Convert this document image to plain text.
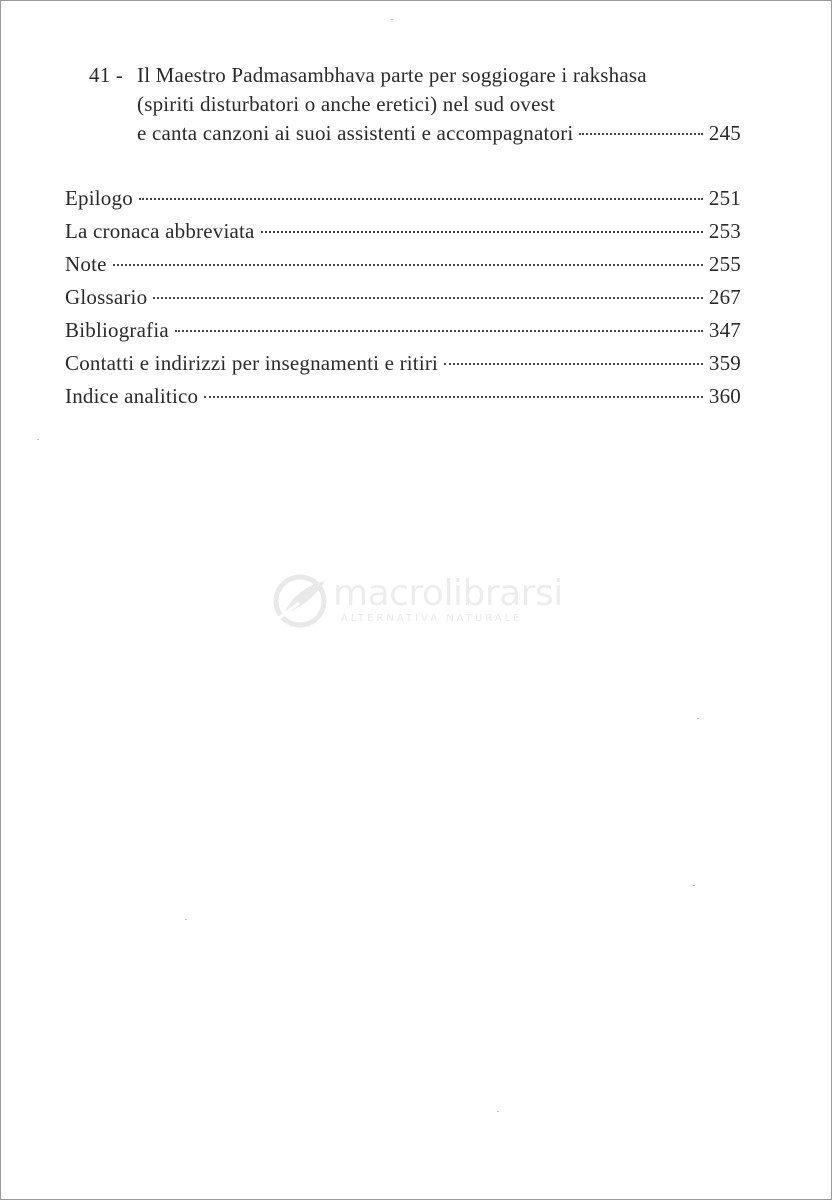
41 - Il Maestro Padmasambhava parte per soggiogare i rakshasa
(spiriti disturbatori o anche eretici) nel sud ovest
e canta canzoni ai suoi assistenti e accompagnatori	245
Epilogo	251
La cronaca abbreviata	253
Note	255
Glossario	267
Bibliografia	347
Contatti e indirizzi per insegnamenti e ritiri	359
Indice analitico	360
macrolibrarsi
ALTERNATIVA NATURALE
